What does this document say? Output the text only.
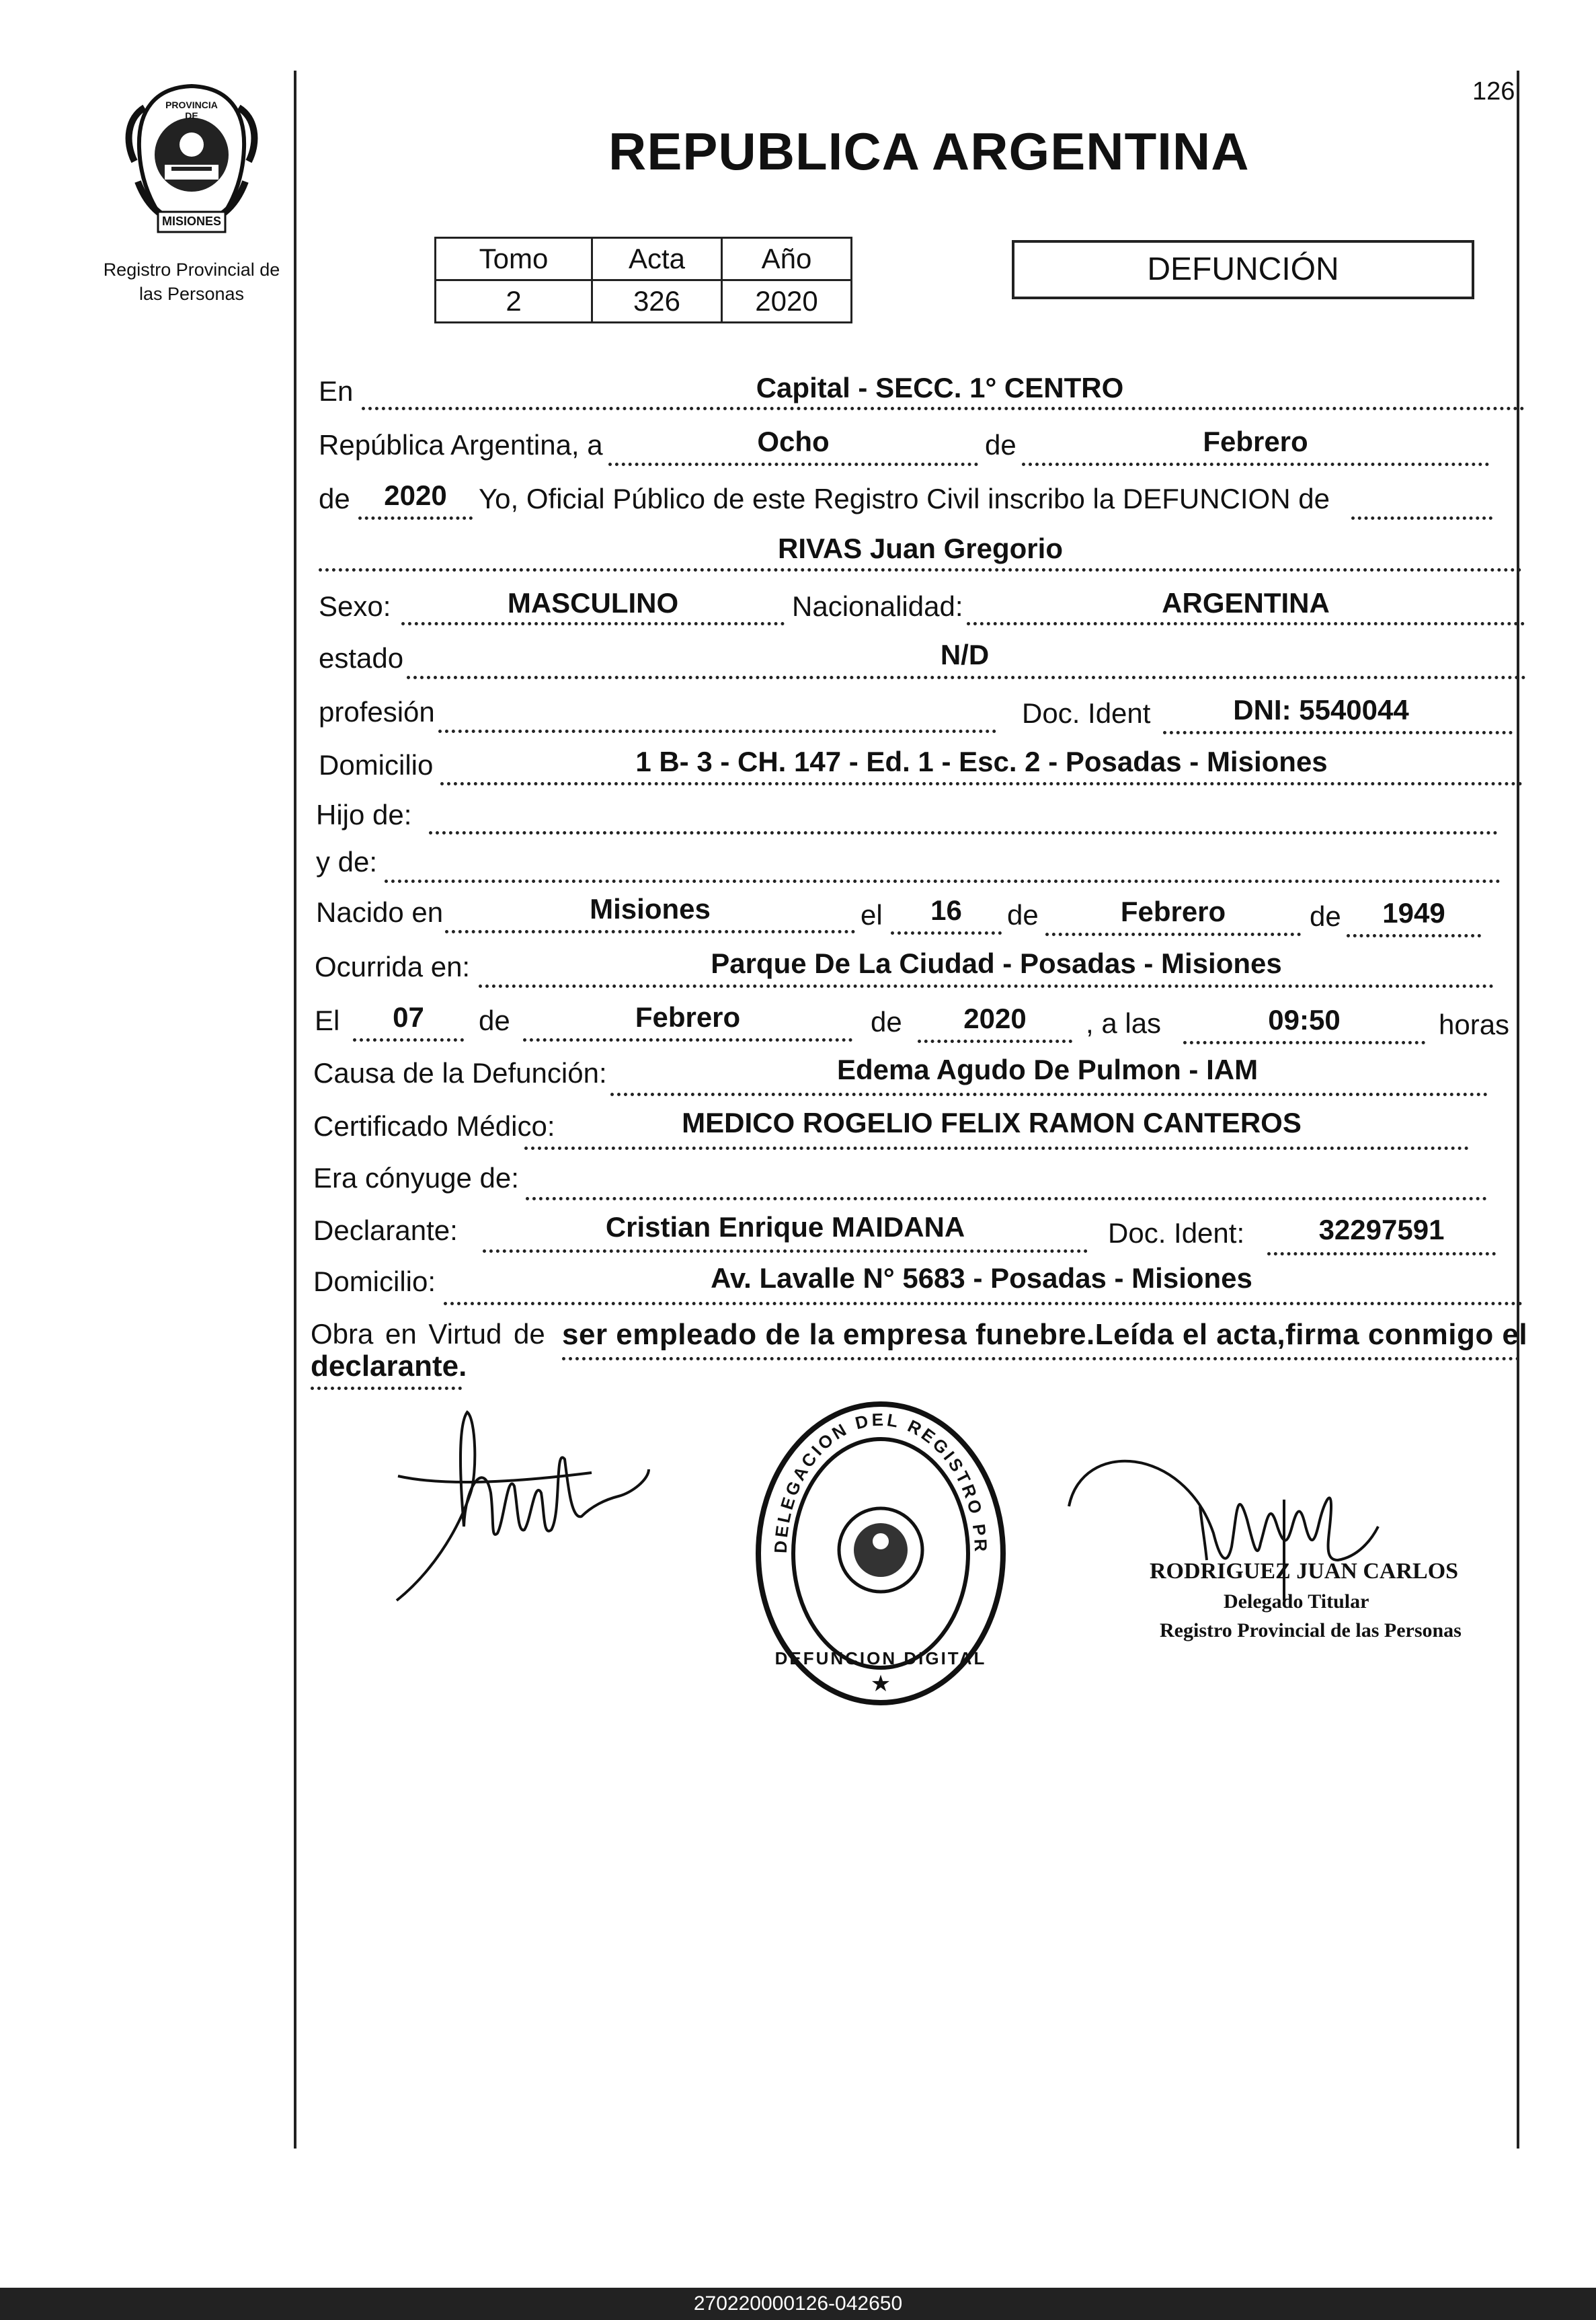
126
PROVINCIA DE
MISIONES
Registro Provincial de
las Personas
REPUBLICA ARGENTINA
Tomo	Acta	Año
2	326	2020
DEFUNCIÓN
En	Capital - SECC. 1° CENTRO
República Argentina, a	Ocho	de	Febrero
de	2020	Yo, Oficial Público de este Registro Civil inscribo la DEFUNCION de
RIVAS Juan Gregorio
Sexo:	MASCULINO	Nacionalidad:	ARGENTINA
estado	N/D
profesión	Doc. Ident	DNI: 5540044
Domicilio	1 B- 3 - CH. 147 - Ed. 1 - Esc. 2 - Posadas - Misiones
Hijo de:
y de:
Nacido en	Misiones	el	16	de	Febrero	de	1949
Ocurrida en:	Parque De La Ciudad - Posadas - Misiones
El	07	de	Febrero	de	2020	, a las	09:50	horas
Causa de la Defunción:	Edema Agudo De Pulmon - IAM
Certificado Médico:	MEDICO ROGELIO FELIX RAMON CANTEROS
Era cónyuge de:
Declarante:	Cristian Enrique MAIDANA	Doc. Ident:	32297591
Domicilio:	Av. Lavalle N° 5683 - Posadas - Misiones
Obra en Virtud de ser empleado de la empresa funebre.Leída el acta,firma conmigo el
declarante.
DELEGACION DEL REGISTRO PR
DEFUNCION DIGITAL
★
RODRIGUEZ JUAN CARLOS
Delegado Titular
Registro Provincial de las Personas
270220000126-042650
